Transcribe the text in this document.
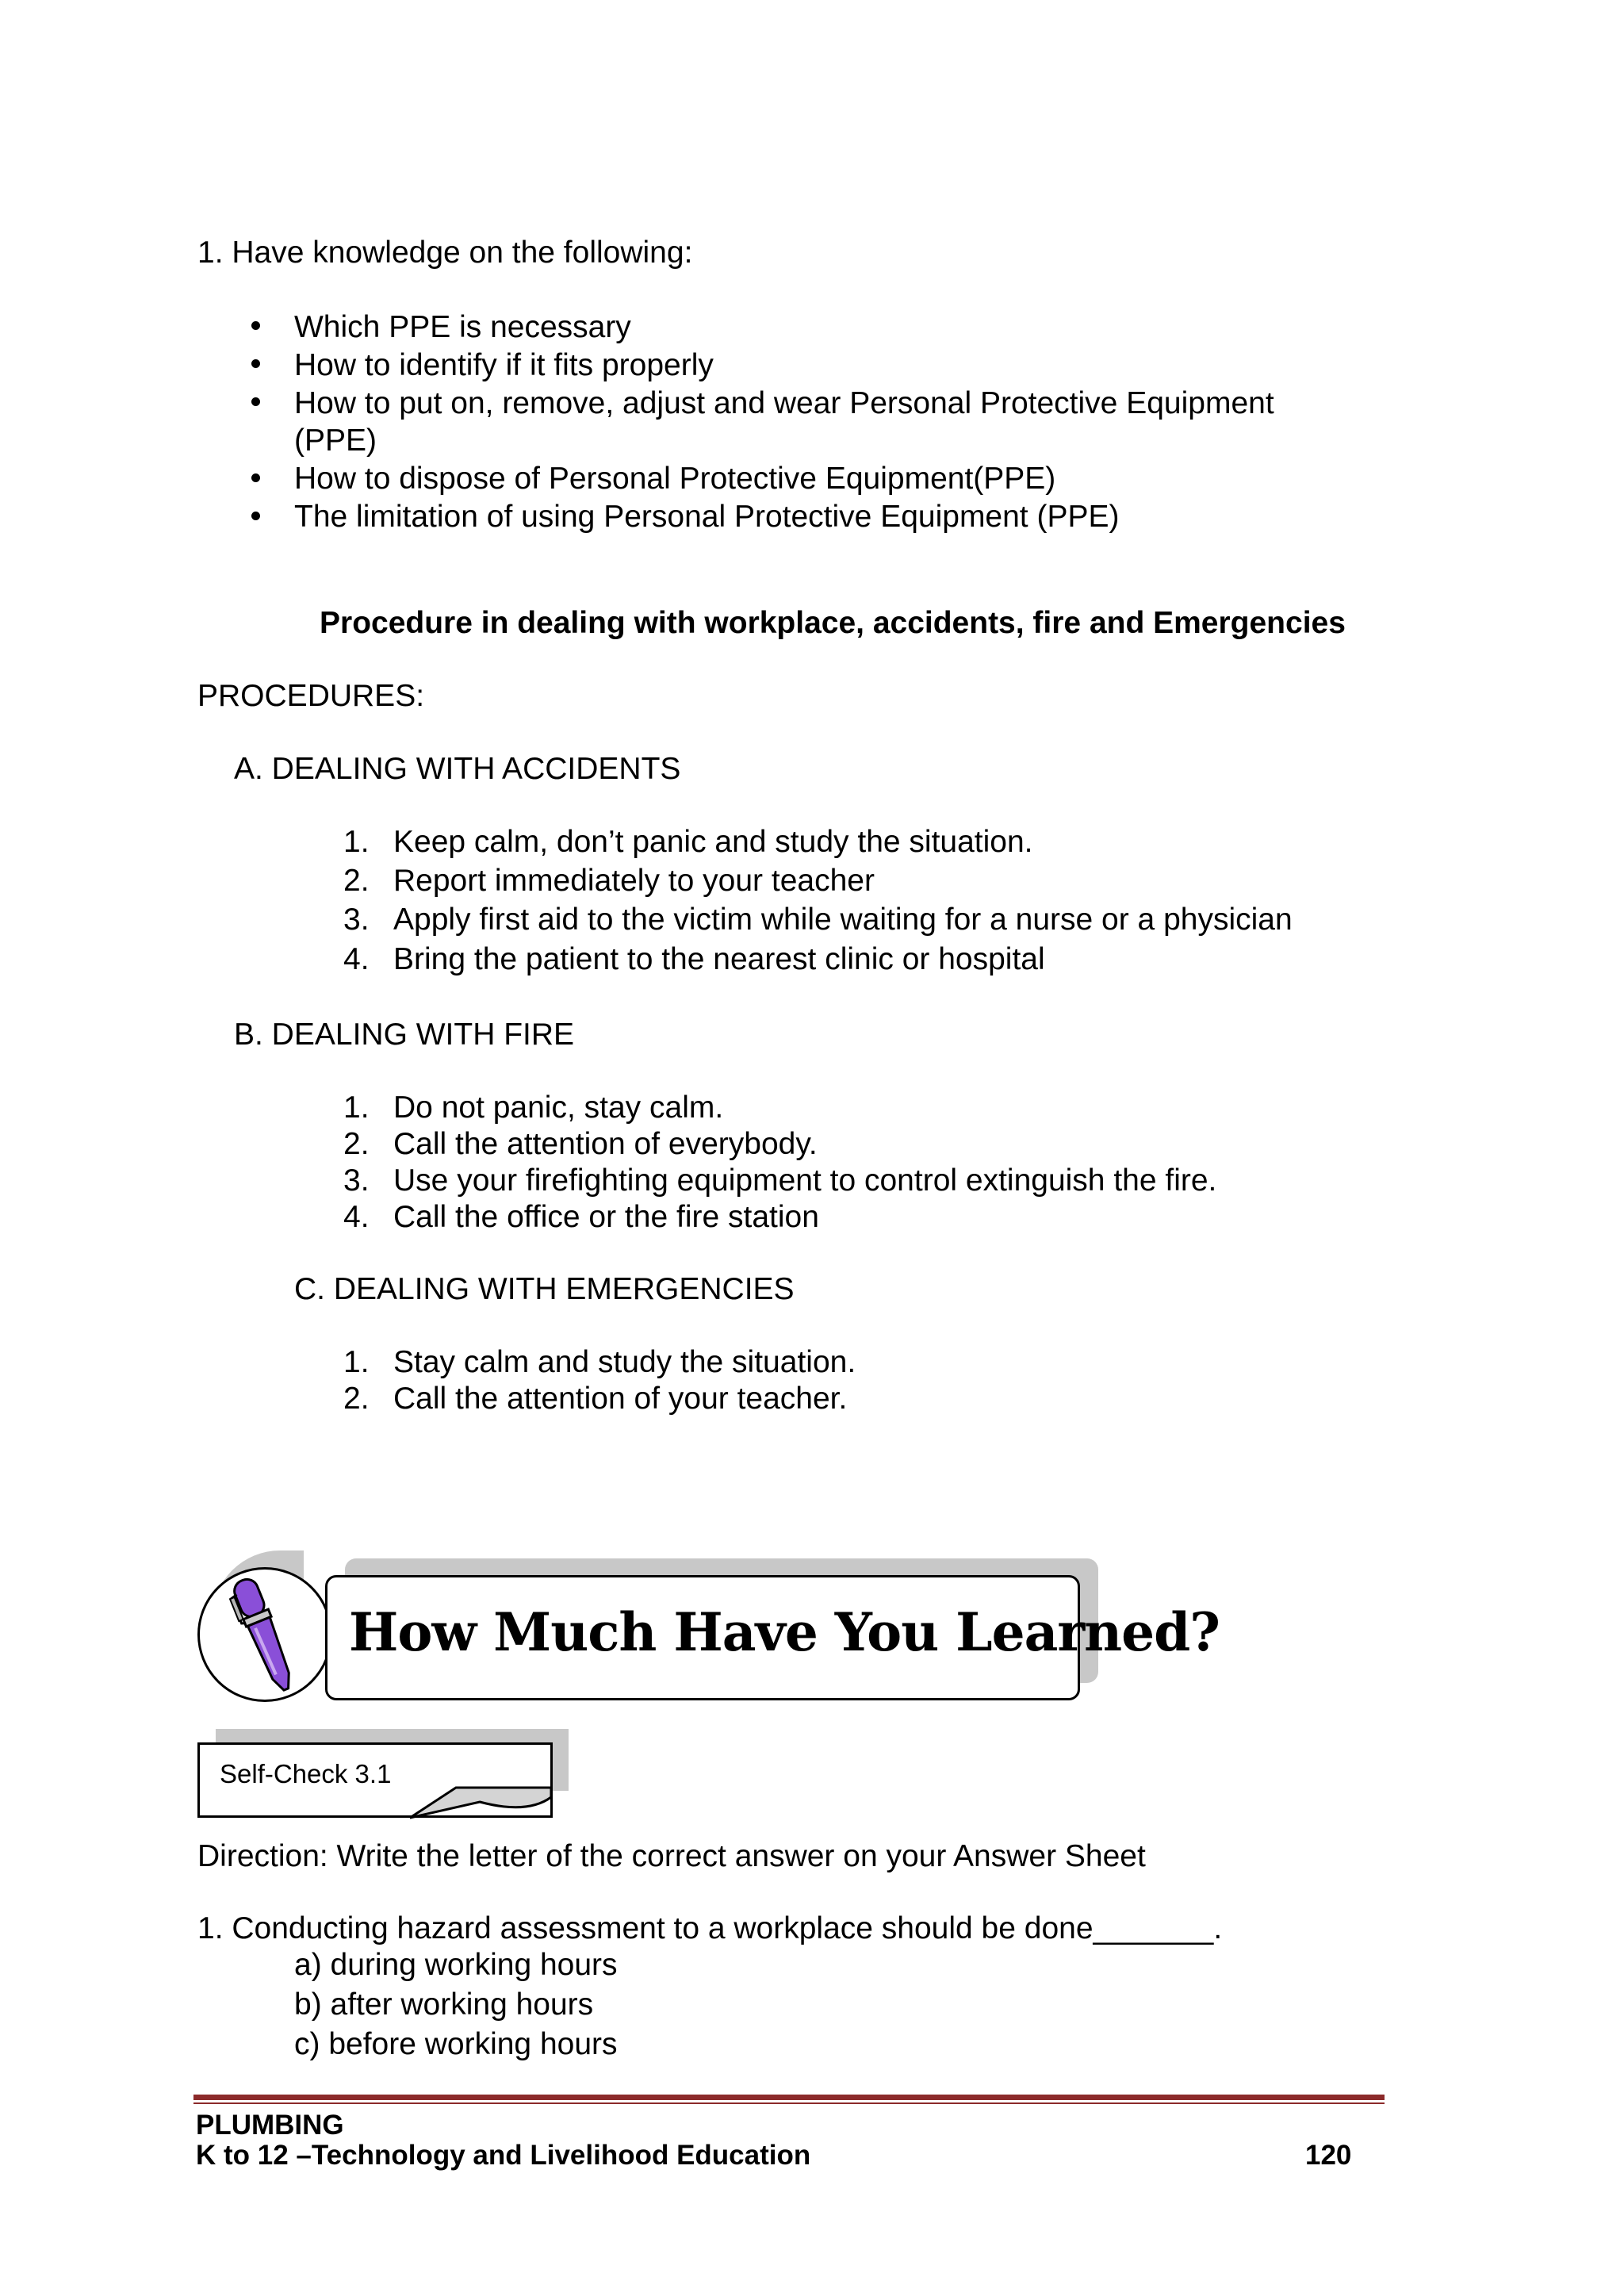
1. Have knowledge on the following:
Which PPE is necessary
How to identify if it fits properly
How to put on, remove, adjust and wear Personal Protective Equipment
(PPE)
How to dispose of Personal Protective Equipment(PPE)
The limitation of using Personal Protective Equipment (PPE)
Procedure in dealing with workplace, accidents, fire and Emergencies
PROCEDURES:
A. DEALING WITH ACCIDENTS
1. Keep calm, don’t panic and study the situation.
2. Report immediately to your teacher
3. Apply first aid to the victim while waiting for a nurse or a physician
4. Bring the patient to the nearest clinic or hospital
B. DEALING WITH FIRE
1. Do not panic, stay calm.
2. Call the attention of everybody.
3. Use your firefighting equipment to control extinguish the fire.
4. Call the office or the fire station
C. DEALING WITH EMERGENCIES
1. Stay calm and study the situation.
2. Call the attention of your teacher.
How Much Have You Learned?
Self-Check 3.1
Direction: Write the letter of the correct answer on your Answer Sheet
1. Conducting hazard assessment to a workplace should be done_______.
a) during working hours
b) after working hours
c) before working hours
PLUMBING
K to 12 –Technology and Livelihood Education	120
